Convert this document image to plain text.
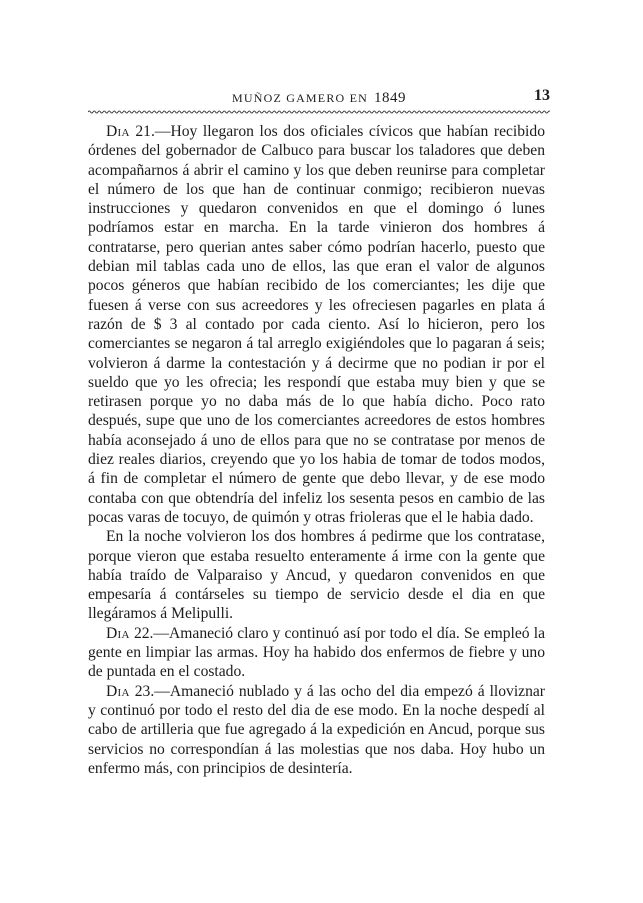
MUÑOZ GAMERO EN 1849	13

Dia 21.—Hoy llegaron los dos oficiales cívicos que habían recibido órdenes del gobernador de Calbuco para buscar los taladores que deben acompañarnos á abrir el camino y los que deben reunirse para completar el número de los que han de continuar conmigo; recibieron nuevas instrucciones y quedaron convenidos en que el domingo ó lunes podríamos estar en marcha. En la tarde vinieron dos hombres á contratarse, pero querian antes saber cómo podrían hacerlo, puesto que debian mil tablas cada uno de ellos, las que eran el valor de algunos pocos géneros que habían recibido de los comerciantes; les dije que fuesen á verse con sus acreedores y les ofreciesen pagarles en plata á razón de $ 3 al contado por cada ciento. Así lo hicieron, pero los comerciantes se negaron á tal arreglo exigiéndoles que lo pagaran á seis; volvieron á darme la contestación y á decirme que no podian ir por el sueldo que yo les ofrecia; les respondí que estaba muy bien y que se retirasen porque yo no daba más de lo que había dicho. Poco rato después, supe que uno de los comerciantes acreedores de estos hombres había aconsejado á uno de ellos para que no se contratase por menos de diez reales diarios, creyendo que yo los habia de tomar de todos modos, á fin de completar el número de gente que debo llevar, y de ese modo contaba con que obtendría del infeliz los sesenta pesos en cambio de las pocas varas de tocuyo, de quimón y otras frioleras que el le habia dado.

En la noche volvieron los dos hombres á pedirme que los contratase, porque vieron que estaba resuelto enteramente á irme con la gente que había traído de Valparaiso y Ancud, y quedaron convenidos en que empesaría á contárseles su tiempo de servicio desde el dia en que llegáramos á Melipulli.

Dia 22.—Amaneció claro y continuó así por todo el día. Se empleó la gente en limpiar las armas. Hoy ha habido dos enfermos de fiebre y uno de puntada en el costado.

Dia 23.—Amaneció nublado y á las ocho del dia empezó á lloviznar y continuó por todo el resto del dia de ese modo. En la noche despedí al cabo de artilleria que fue agregado á la expedición en Ancud, porque sus servicios no correspondían á las molestias que nos daba. Hoy hubo un enfermo más, con principios de desintería.
